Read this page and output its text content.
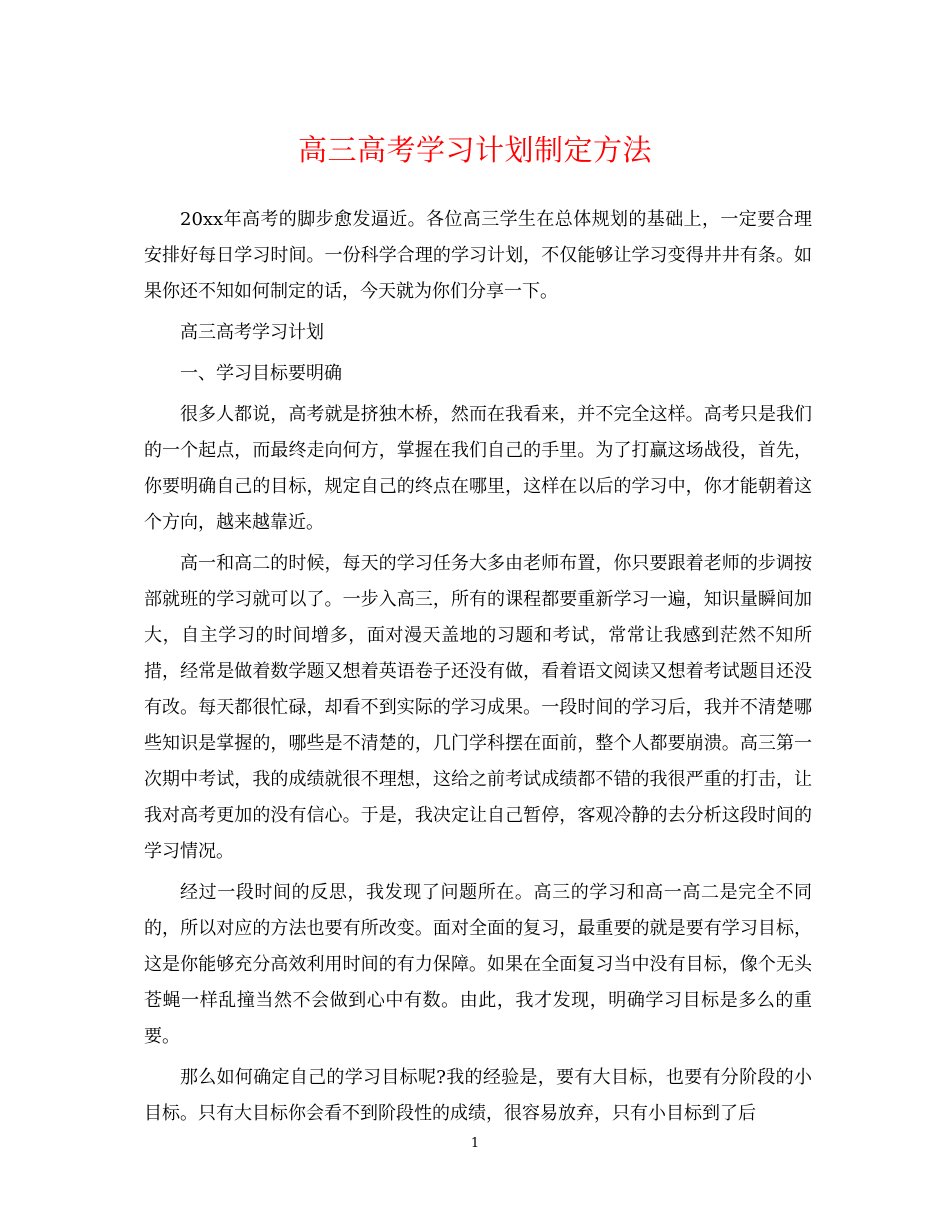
高三高考学习计划制定方法

20xx年高考的脚步愈发逼近。各位高三学生在总体规划的基础上，一定要合理安排好每日学习时间。一份科学合理的学习计划，不仅能够让学习变得井井有条。如果你还不知如何制定的话，今天就为你们分享一下。

高三高考学习计划

一、学习目标要明确

很多人都说，高考就是挤独木桥，然而在我看来，并不完全这样。高考只是我们的一个起点，而最终走向何方，掌握在我们自己的手里。为了打赢这场战役，首先，你要明确自己的目标，规定自己的终点在哪里，这样在以后的学习中，你才能朝着这个方向，越来越靠近。

高一和高二的时候，每天的学习任务大多由老师布置，你只要跟着老师的步调按部就班的学习就可以了。一步入高三，所有的课程都要重新学习一遍，知识量瞬间加大，自主学习的时间增多，面对漫天盖地的习题和考试，常常让我感到茫然不知所措，经常是做着数学题又想着英语卷子还没有做，看着语文阅读又想着考试题目还没有改。每天都很忙碌，却看不到实际的学习成果。一段时间的学习后，我并不清楚哪些知识是掌握的，哪些是不清楚的，几门学科摆在面前，整个人都要崩溃。高三第一次期中考试，我的成绩就很不理想，这给之前考试成绩都不错的我很严重的打击，让我对高考更加的没有信心。于是，我决定让自己暂停，客观冷静的去分析这段时间的学习情况。

经过一段时间的反思，我发现了问题所在。高三的学习和高一高二是完全不同的，所以对应的方法也要有所改变。面对全面的复习，最重要的就是要有学习目标，这是你能够充分高效利用时间的有力保障。如果在全面复习当中没有目标，像个无头苍蝇一样乱撞当然不会做到心中有数。由此，我才发现，明确学习目标是多么的重要。

那么如何确定自己的学习目标呢?我的经验是，要有大目标，也要有分阶段的小目标。只有大目标你会看不到阶段性的成绩，很容易放弃，只有小目标到了后

1
